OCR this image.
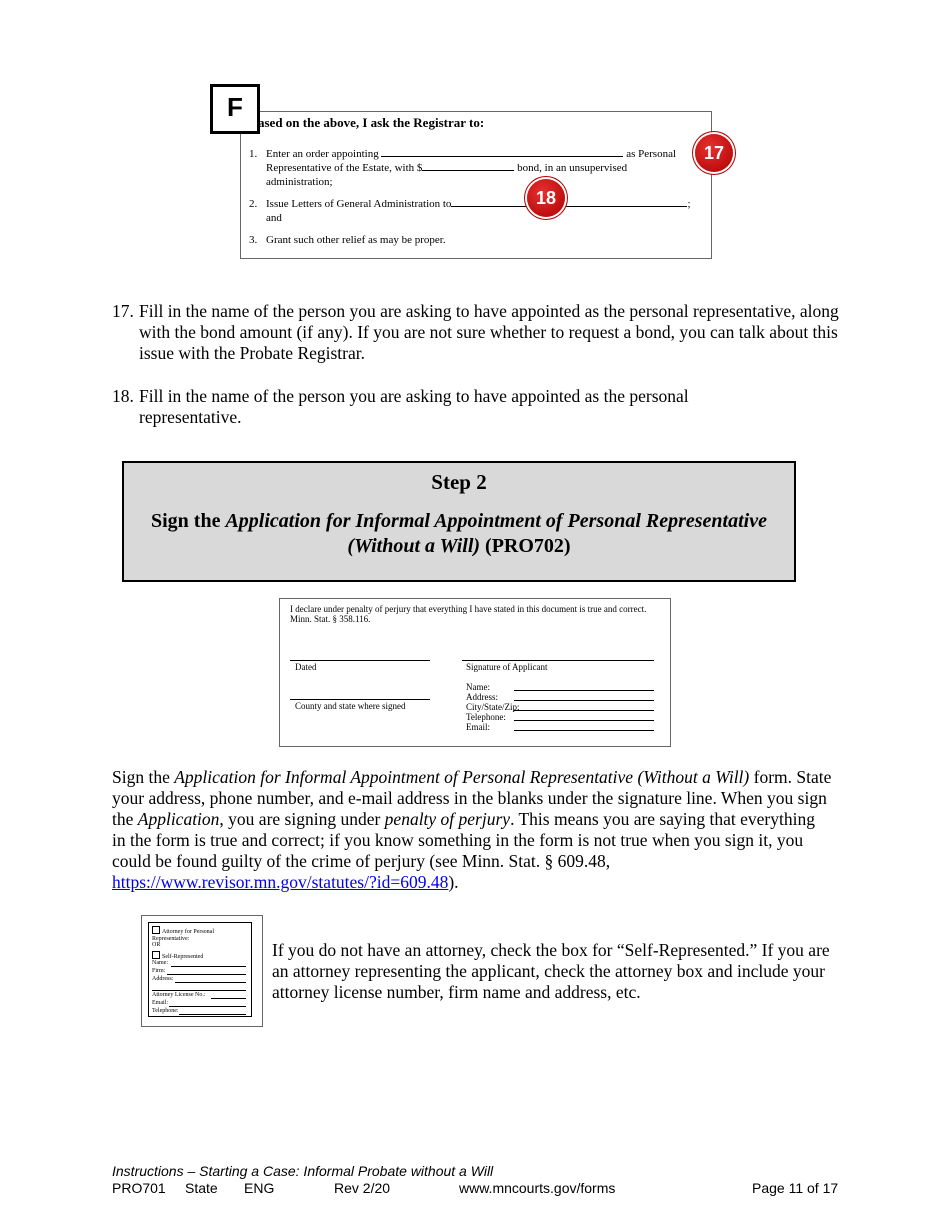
F
ased on the above, I ask the Registrar to:
1. Enter an order appointing	as Personal
Representative of the Estate, with $	bond, in an unsupervised
administration;
2. Issue Letters of General Administration to	;
and
3. Grant such other relief as may be proper.
17
18
17. Fill in the name of the person you are asking to have appointed as the personal representative, along with the bond amount (if any). If you are not sure whether to request a bond, you can talk about this issue with the Probate Registrar.
18. Fill in the name of the person you are asking to have appointed as the personal representative.
Step 2
Sign the Application for Informal Appointment of Personal Representative (Without a Will) (PRO702)
I declare under penalty of perjury that everything I have stated in this document is true and correct. Minn. Stat. § 358.116.
Dated	Signature of Applicant
County and state where signed
Name:
Address:
City/State/Zip:
Telephone:
Email:
Sign the Application for Informal Appointment of Personal Representative (Without a Will) form. State your address, phone number, and e-mail address in the blanks under the signature line. When you sign the Application, you are signing under penalty of perjury. This means you are saying that everything in the form is true and correct; if you know something in the form is not true when you sign it, you could be found guilty of the crime of perjury (see Minn. Stat. § 609.48, https://www.revisor.mn.gov/statutes/?id=609.48).
Attorney for Personal Representative:
OR
Self-Represented
Name:
Firm:
Address:
Attorney License No.:
Email:
Telephone:
If you do not have an attorney, check the box for “Self-Represented.” If you are an attorney representing the applicant, check the attorney box and include your attorney license number, firm name and address, etc.
Instructions – Starting a Case: Informal Probate without a Will
PRO701 State ENG	Rev 2/20	www.mncourts.gov/forms	Page 11 of 17
